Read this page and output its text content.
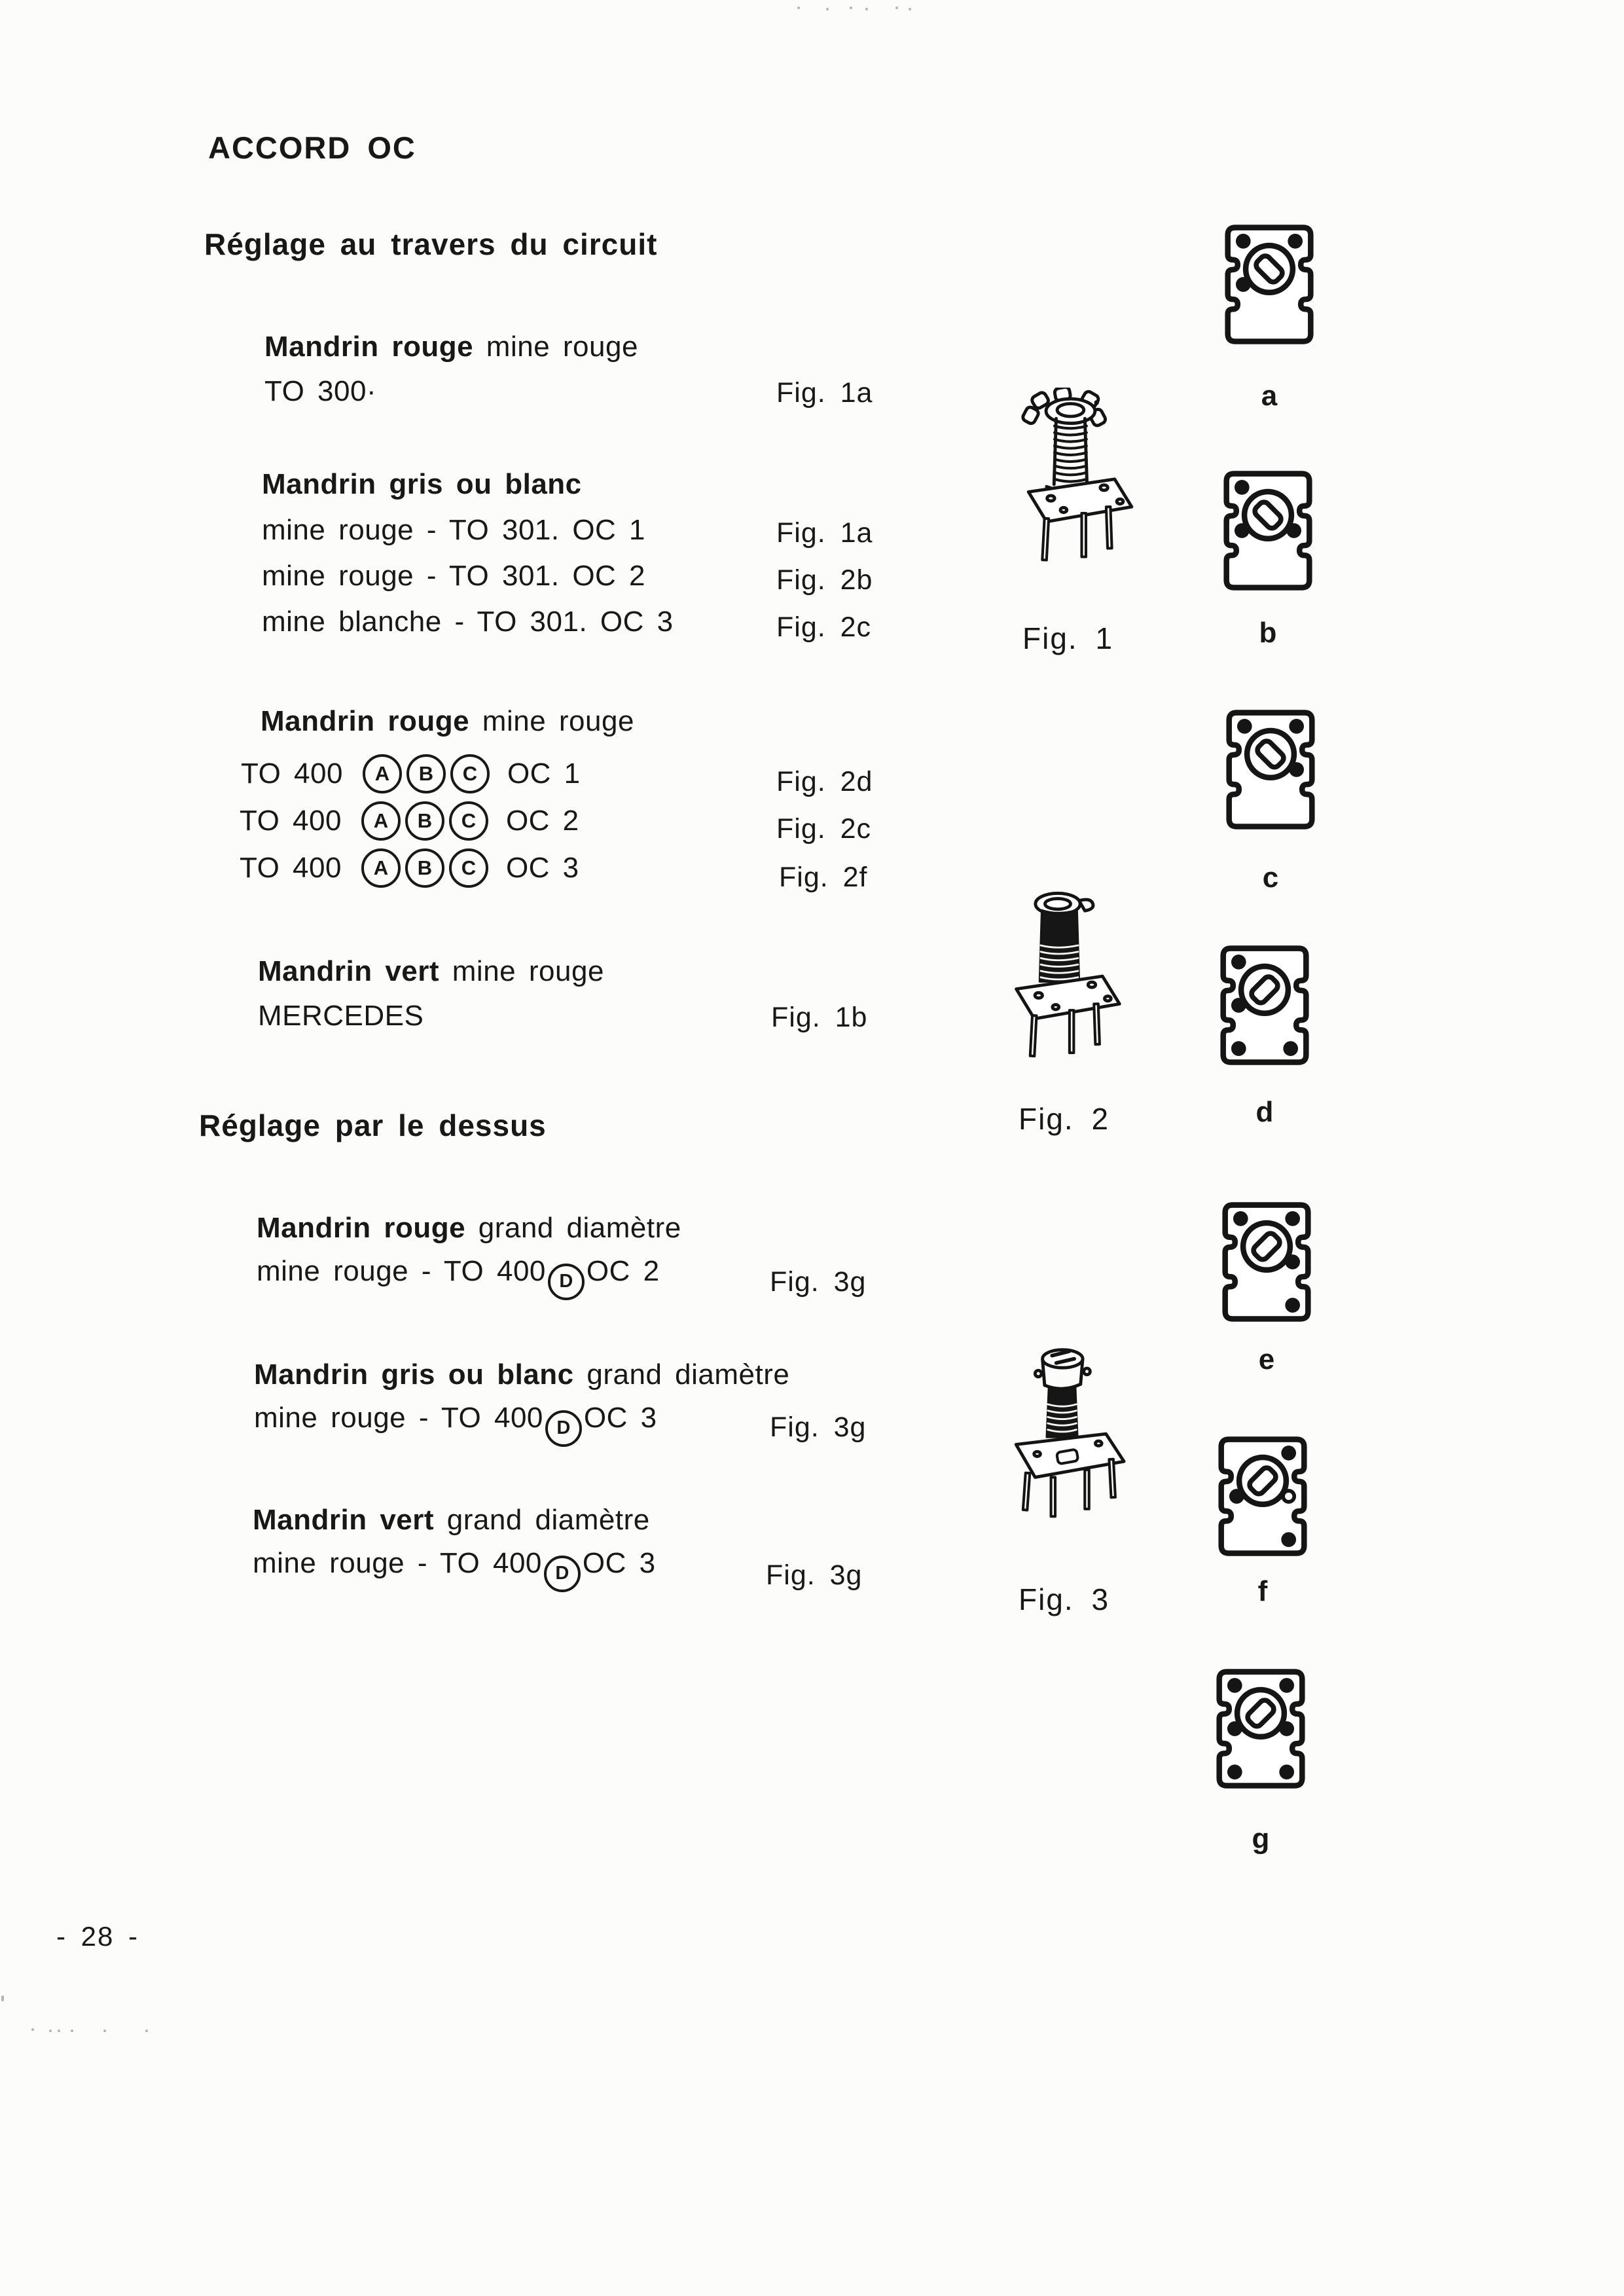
ACCORD OC
Réglage au travers du circuit
Mandrin rouge mine rouge
TO 300·	Fig. 1a
Mandrin gris ou blanc
mine rouge - TO 301. OC 1	Fig. 1a
mine rouge - TO 301. OC 2	Fig. 2b
mine blanche - TO 301. OC 3	Fig. 2c
Mandrin rouge mine rouge
TO 400	A	B	C	OC 1	Fig. 2d
TO 400	A	B	C	OC 2	Fig. 2c
TO 400	A	B	C	OC 3	Fig. 2f
Mandrin vert mine rouge
MERCEDES	Fig. 1b
Réglage par le dessus
Mandrin rouge grand diamètre
mine rouge - TO 400 D OC 2	Fig. 3g
Mandrin gris ou blanc grand diamètre
mine rouge - TO 400 D OC 3	Fig. 3g
Mandrin vert grand diamètre
mine rouge - TO 400 D OC 3	Fig. 3g
- 28 -
Fig. 1
Fig. 2
Fig. 3
a
b
c
d
e
f
g
